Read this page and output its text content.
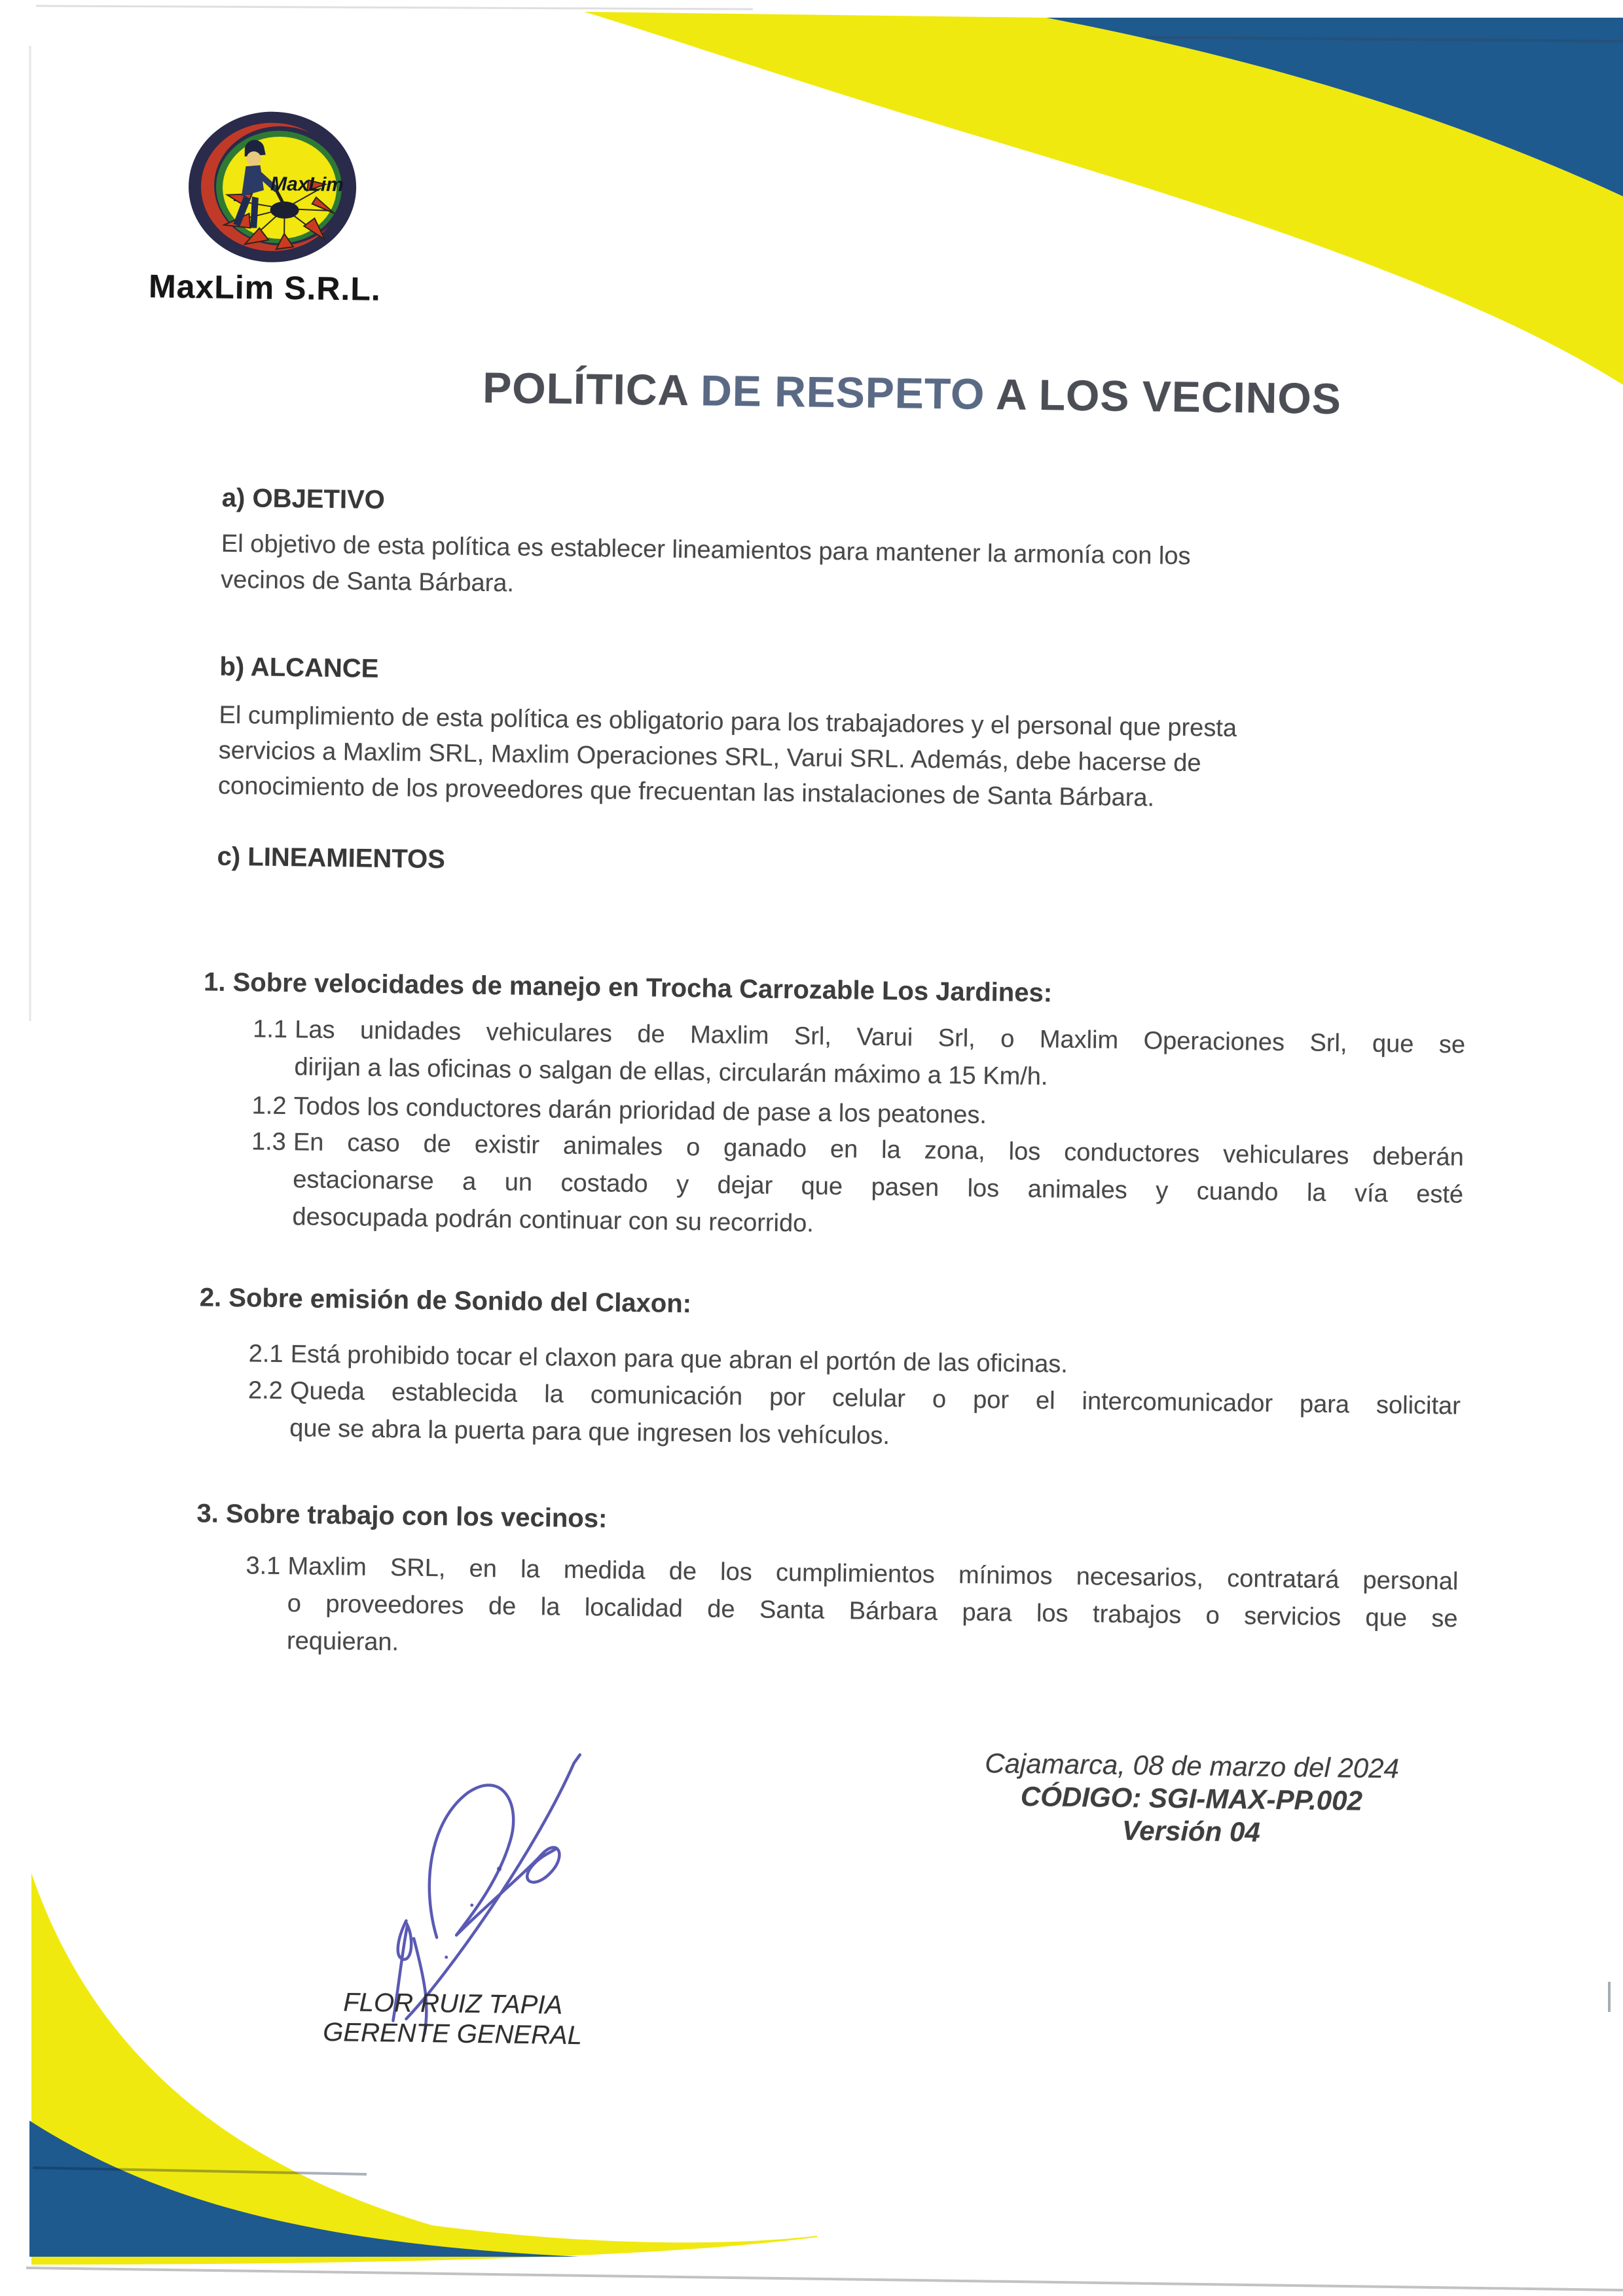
MaxLim
MaxLim S.R.L.
POLÍTICA DE RESPETO A LOS VECINOS
a) OBJETIVO
El objetivo de esta política es establecer lineamientos para mantener la armonía con los
vecinos de Santa Bárbara.
b) ALCANCE
El cumplimiento de esta política es obligatorio para los trabajadores y el personal que presta
servicios a Maxlim SRL, Maxlim Operaciones SRL, Varui SRL. Además, debe hacerse de
conocimiento de los proveedores que frecuentan las instalaciones de Santa Bárbara.
c) LINEAMIENTOS
1. Sobre velocidades de manejo en Trocha Carrozable Los Jardines:
1.1 Las unidades vehiculares de Maxlim Srl, Varui Srl, o Maxlim Operaciones Srl, que se
dirijan a las oficinas o salgan de ellas, circularán máximo a 15 Km/h.
1.2 Todos los conductores darán prioridad de pase a los peatones.
1.3 En caso de existir animales o ganado en la zona, los conductores vehiculares deberán
estacionarse a un costado y dejar que pasen los animales y cuando la vía esté
desocupada podrán continuar con su recorrido.
2. Sobre emisión de Sonido del Claxon:
2.1 Está prohibido tocar el claxon para que abran el portón de las oficinas.
2.2 Queda establecida la comunicación por celular o por el intercomunicador para solicitar
que se abra la puerta para que ingresen los vehículos.
3. Sobre trabajo con los vecinos:
3.1 Maxlim SRL, en la medida de los cumplimientos mínimos necesarios, contratará personal
o proveedores de la localidad de Santa Bárbara para los trabajos o servicios que se
requieran.
Cajamarca, 08 de marzo del 2024
CÓDIGO: SGI-MAX-PP.002
Versión 04
FLOR RUIZ TAPIA
GERENTE GENERAL
